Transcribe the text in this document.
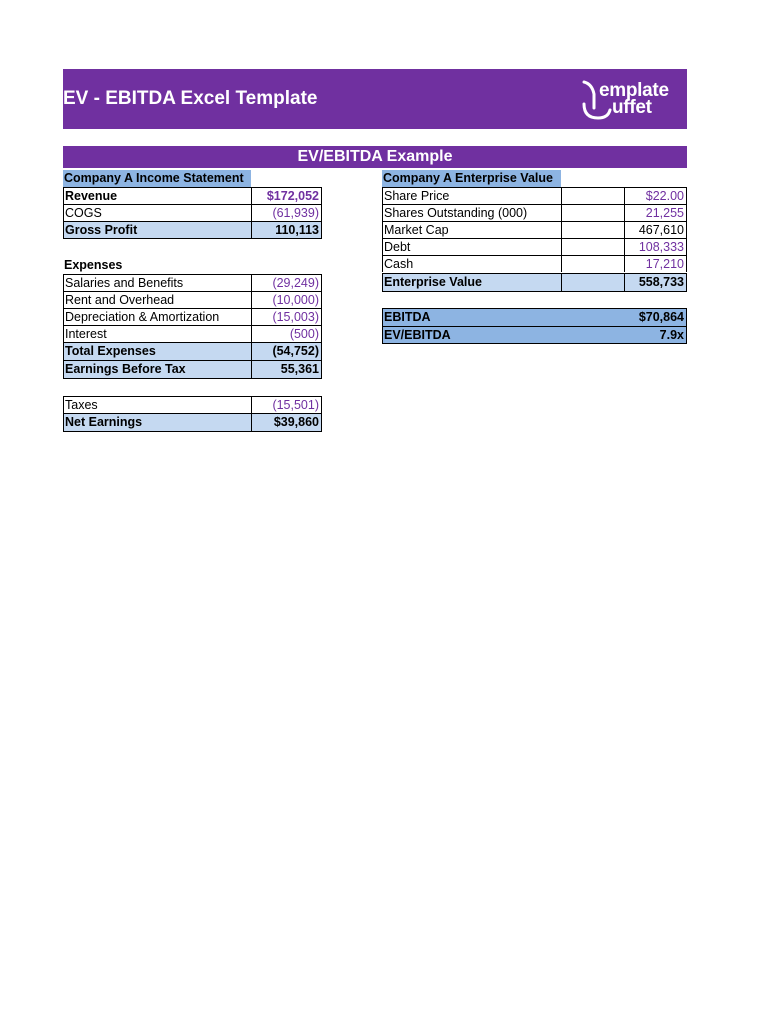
EV - EBITDA Excel Template	emplate
uffet
EV/EBITDA Example
Company A Income Statement
Revenue	$172,052
COGS	(61,939)
Gross Profit	110,113
Expenses
Salaries and Benefits	(29,249)
Rent and Overhead	(10,000)
Depreciation & Amortization	(15,003)
Interest	(500)
Total Expenses	(54,752)
Earnings Before Tax	55,361
Taxes	(15,501)
Net Earnings	$39,860
Company A Enterprise Value
Share Price	$22.00
Shares Outstanding (000)	21,255
Market Cap	467,610
Debt	108,333
Cash	17,210
Enterprise Value	558,733
EBITDA	$70,864
EV/EBITDA	7.9x
